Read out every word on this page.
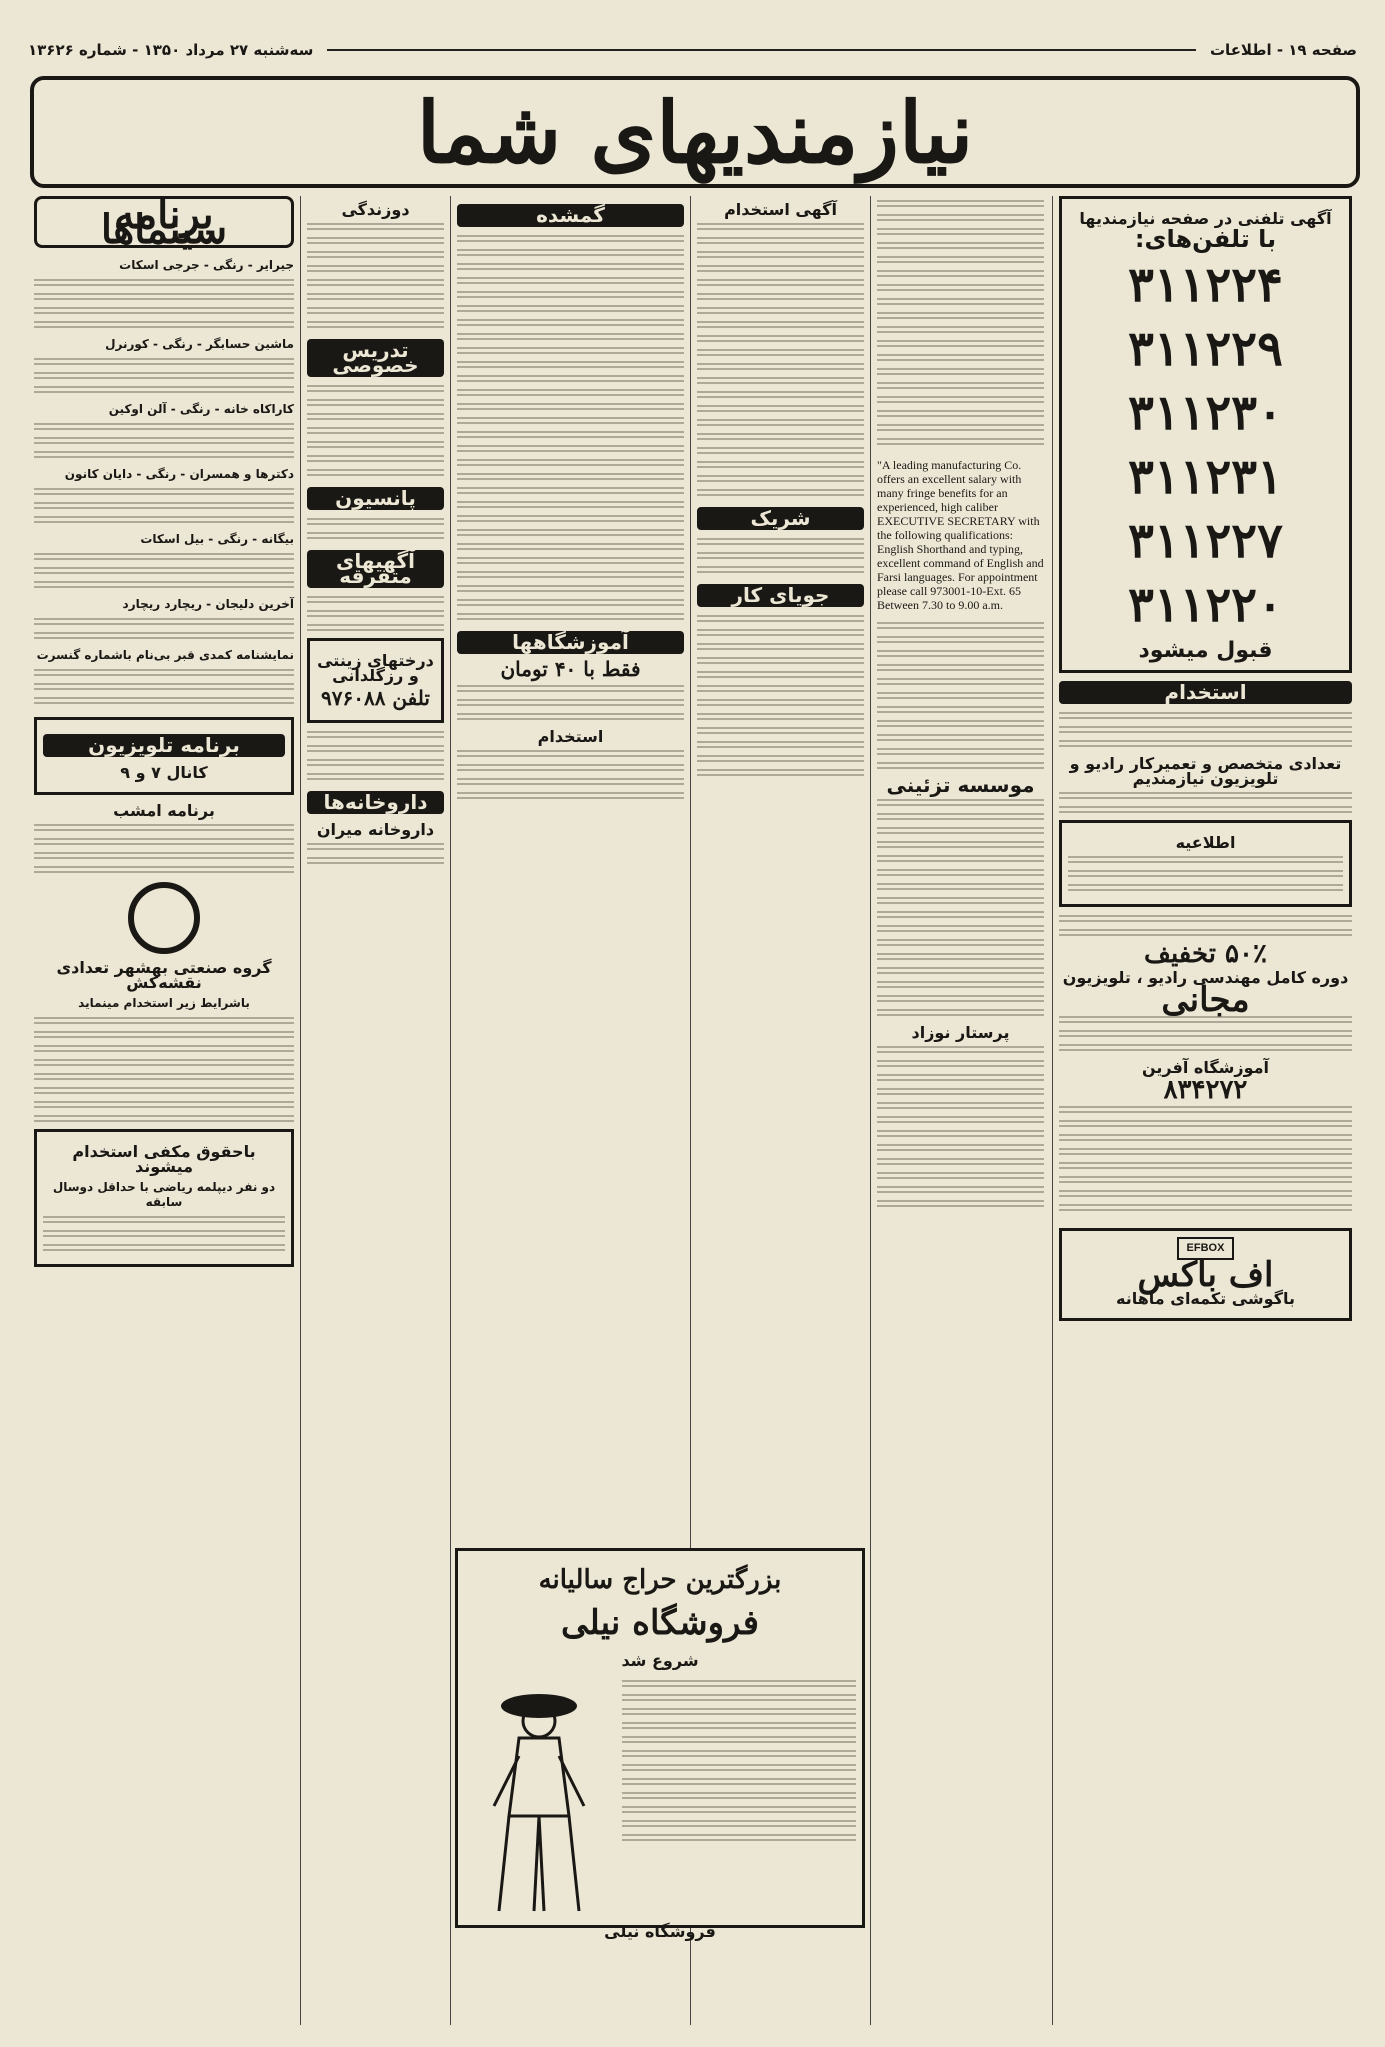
صفحه ۱۹ - اطلاعات
سه‌شنبه ۲۷ مرداد ۱۳۵۰ - شماره ۱۳۶۲۶
نیازمندیهای شما
آگهی تلفنی در صفحه نیازمندیها
با تلفن‌های:
۳۱۱۲۲۴
۳۱۱۲۲۹
۳۱۱۲۳۰
۳۱۱۲۳۱
۳۱۱۲۲۷
۳۱۱۲۲۰
قبول میشود
استخدام
تعدادی متخصص و تعمیرکار رادیو و تلویزیون نیازمندیم
اطلاعیه
۵۰٪ تخفیف
دوره کامل مهندسی رادیو ، تلویزیون
مجانی
آموزشگاه آفرین
۸۳۴۲۷۲
EFBOX
اف باکس
باگوشی تکمه‌ای ماهانه
"A leading manufacturing Co. offers an excellent salary with many fringe benefits for an experienced, high caliber EXECUTIVE SECRETARY with the following qualifications: English Shorthand and typing, excellent command of English and Farsi languages. For appointment please call 973001-10-Ext. 65 Between 7.30 to 9.00 a.m.
موسسه تزئینی
پرستار نوزاد
آگهی استخدام
شریک
جویای کار
گمشده
آموزشگاهها
فقط با ۴۰ تومان
استخدام
بزرگترین حراج سالیانه
فروشگاه نیلی
شروع شد
فروشگاه نیلی
دوزندگی
تدریس خصوصی
پانسیون
آگهیهای متفرقه
درختهای زینتی و رزگلدانی
تلفن ۹۷۶۰۸۸
داروخانه‌ها
داروخانه میران
برنامه سینماها
جیرایر - رنگی - جرجی اسکات
ماشین حسابگر - رنگی - کورنرل
کاراکاه خانه - رنگی - آلن اوکین
دکترها و همسران - رنگی - دایان کانون
بیگانه - رنگی - بیل اسکات
آخرین دلیجان - ریچارد ریچارد
نمایشنامه کمدی قبر بی‌نام باشماره گنسرت
برنامه تلویزیون
کانال ۷ و ۹
برنامه امشب
گروه صنعتی بهشهر تعدادی نقشه‌کش
باشرایط زیر استخدام مینماید
باحقوق مکفی استخدام میشوند
دو نفر دیپلمه ریاضی با حداقل دوسال سابقه
